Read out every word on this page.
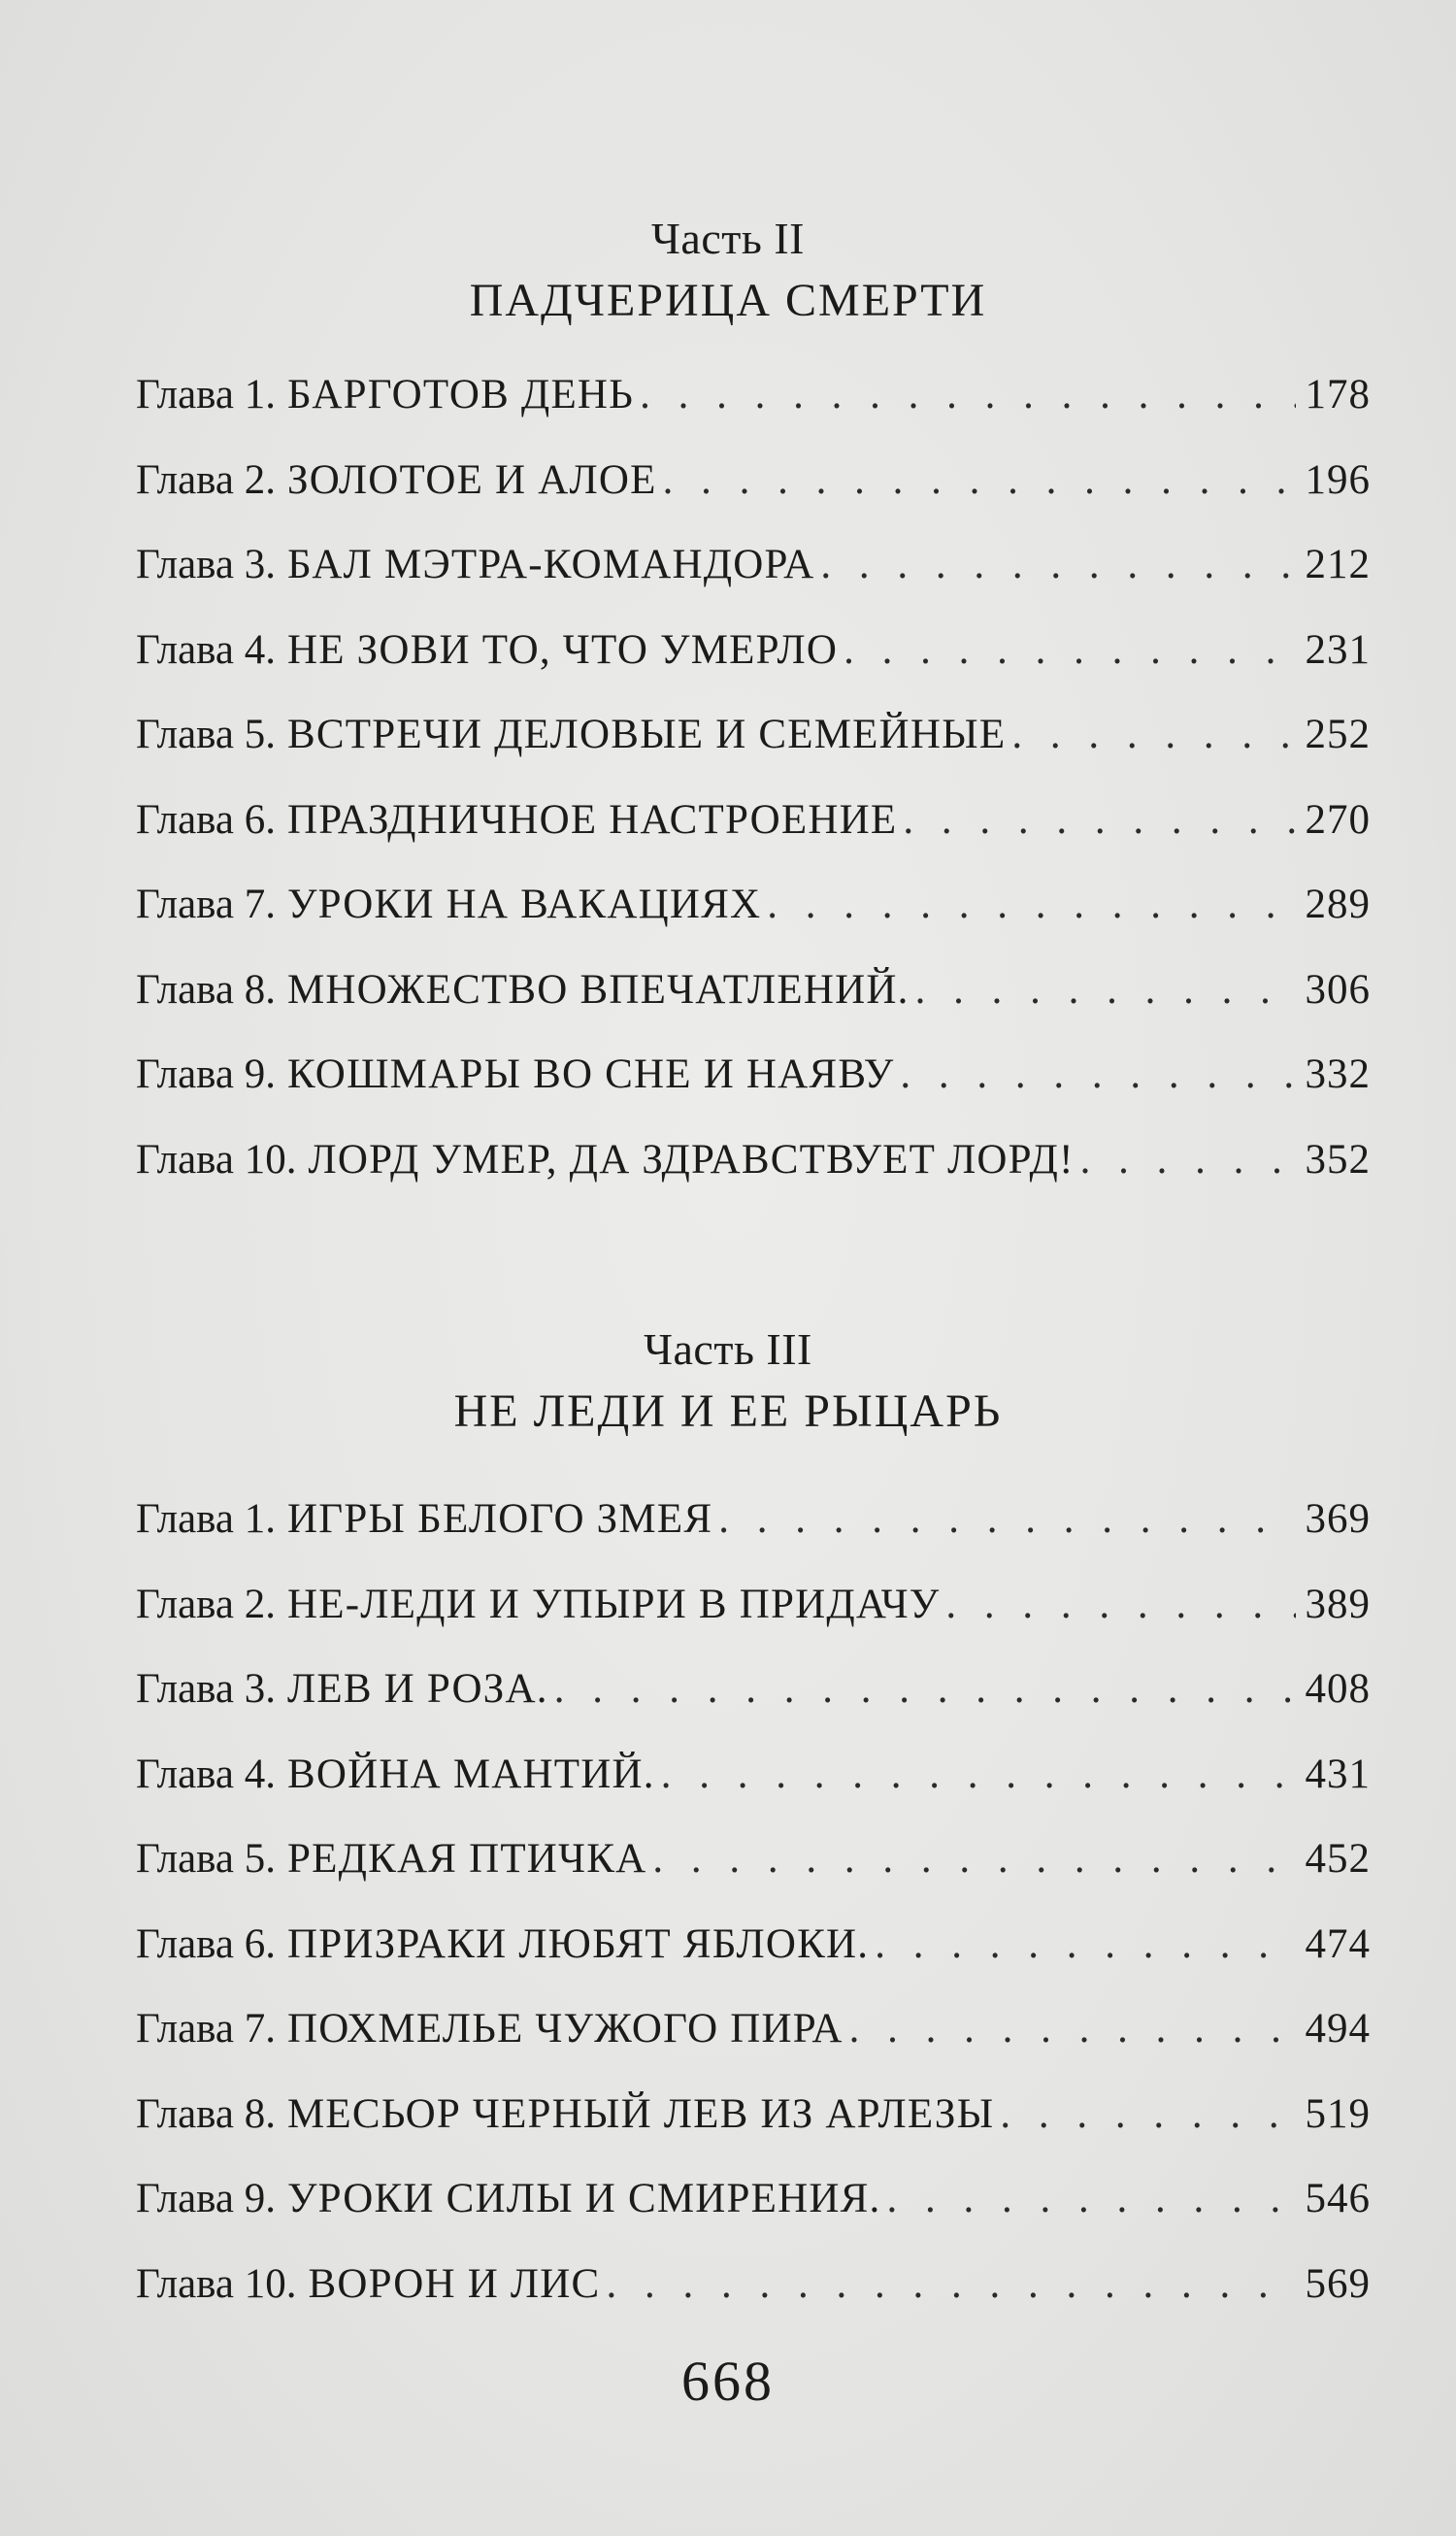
Часть II
ПАДЧЕРИЦА СМЕРТИ
Глава 1. БАРГОТОВ ДЕНЬ . . .	178
Глава 2. ЗОЛОТОЕ И АЛОЕ . . .	196
Глава 3. БАЛ МЭТРА-КОМАНДОРА . . .	212
Глава 4. НЕ ЗОВИ ТО, ЧТО УМЕРЛО . . .	231
Глава 5. ВСТРЕЧИ ДЕЛОВЫЕ И СЕМЕЙНЫЕ . . .	252
Глава 6. ПРАЗДНИЧНОЕ НАСТРОЕНИЕ . . .	270
Глава 7. УРОКИ НА ВАКАЦИЯХ . . .	289
Глава 8. МНОЖЕСТВО ВПЕЧАТЛЕНИЙ. . . .	306
Глава 9. КОШМАРЫ ВО СНЕ И НАЯВУ . . .	332
Глава 10. ЛОРД УМЕР, ДА ЗДРАВСТВУЕТ ЛОРД! . . .	352
Часть III
НЕ ЛЕДИ И ЕЕ РЫЦАРЬ
Глава 1. ИГРЫ БЕЛОГО ЗМЕЯ . . .	369
Глава 2. НЕ-ЛЕДИ И УПЫРИ В ПРИДАЧУ . . .	389
Глава 3. ЛЕВ И РОЗА. . . .	408
Глава 4. ВОЙНА МАНТИЙ. . . .	431
Глава 5. РЕДКАЯ ПТИЧКА . . .	452
Глава 6. ПРИЗРАКИ ЛЮБЯТ ЯБЛОКИ. . . .	474
Глава 7. ПОХМЕЛЬЕ ЧУЖОГО ПИРА . . .	494
Глава 8. МЕСЬОР ЧЕРНЫЙ ЛЕВ ИЗ АРЛЕЗЫ . . .	519
Глава 9. УРОКИ СИЛЫ И СМИРЕНИЯ. . . .	546
Глава 10. ВОРОН И ЛИС . . .	569
668
